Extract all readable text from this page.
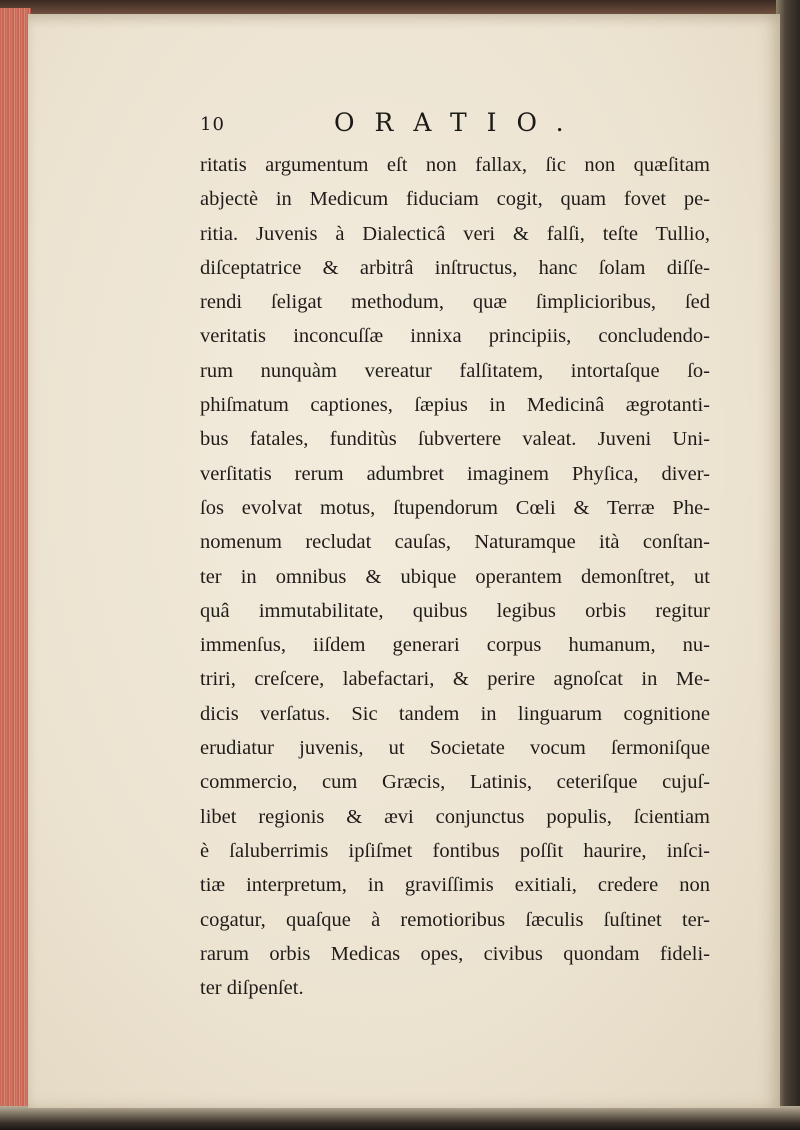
10	ORATIO.
ritatis argumentum eſt non fallax, ſic non quæſitam
abjectè in Medicum fiduciam cogit, quam fovet pe-
ritia. Juvenis à Dialecticâ veri & falſi, teſte Tullio,
diſceptatrice & arbitrâ inſtructus, hanc ſolam diſſe-
rendi ſeligat methodum, quæ ſimplicioribus, ſed
veritatis inconcuſſæ innixa principiis, concludendo-
rum nunquàm vereatur falſitatem, intortaſque ſo-
phiſmatum captiones, ſæpius in Medicinâ ægrotanti-
bus fatales, funditùs ſubvertere valeat. Juveni Uni-
verſitatis rerum adumbret imaginem Phyſica, diver-
ſos evolvat motus, ſtupendorum Cœli & Terræ Phe-
nomenum recludat cauſas, Naturamque ità conſtan-
ter in omnibus & ubique operantem demonſtret, ut
quâ immutabilitate, quibus legibus orbis regitur
immenſus, iiſdem generari corpus humanum, nu-
triri, creſcere, labefactari, & perire agnoſcat in Me-
dicis verſatus. Sic tandem in linguarum cognitione
erudiatur juvenis, ut Societate vocum ſermoniſque
commercio, cum Græcis, Latinis, ceteriſque cujuſ-
libet regionis & ævi conjunctus populis, ſcientiam
è ſaluberrimis ipſiſmet fontibus poſſit haurire, inſci-
tiæ interpretum, in graviſſimis exitiali, credere non
cogatur, quaſque à remotioribus ſæculis ſuſtinet ter-
rarum orbis Medicas opes, civibus quondam fideli-
ter diſpenſet.
